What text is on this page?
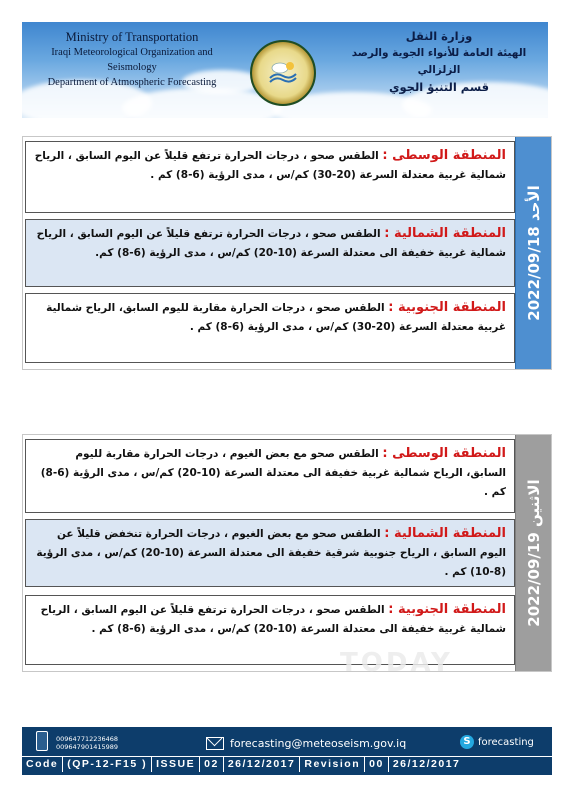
Ministry of Transportation
Iraqi Meteorological Organization and Seismology
Department of Atmospheric Forecasting
وزارة النقل
الهيئة العامة للأنواء الجوية والرصد الزلزالي
قسم التنبؤ الجوي
المنطقة الوسطى : الطقس صحو ، درجات الحرارة ترتفع قليلاً عن اليوم السابق ، الرياح شمالية غربية معتدلة السرعة (20-30) كم/س ، مدى الرؤية (6-8) كم .
المنطقة الشمالية : الطقس صحو ، درجات الحرارة ترتفع قليلاً عن اليوم السابق ، الرياح شمالية غربية خفيفة الى معتدلة السرعة (10-20) كم/س ، مدى الرؤية (6-8) كم.
المنطقة الجنوبية : الطقس صحو ، درجات الحرارة مقاربة لليوم السابق، الرياح شمالية غربية معتدلة السرعة (20-30) كم/س ، مدى الرؤية (6-8) كم .
الأحد 2022/09/18
المنطقة الوسطى : الطقس صحو مع بعض الغيوم ، درجات الحرارة مقاربة لليوم السابق، الرياح شمالية غربية خفيفة الى معتدلة السرعة (10-20) كم/س ، مدى الرؤية (6-8) كم .
المنطقة الشمالية : الطقس صحو مع بعض الغيوم ، درجات الحرارة تنخفض قليلاً عن اليوم السابق ، الرياح جنوبية شرقية خفيفة الى معتدلة السرعة (10-20) كم/س ، مدى الرؤية (8-10) كم .
المنطقة الجنوبية : الطقس صحو ، درجات الحرارة ترتفع قليلاً عن اليوم السابق ، الرياح شمالية غربية خفيفة الى معتدلة السرعة (10-20) كم/س ، مدى الرؤية (6-8) كم .
الاثنين 2022/09/19
TODAY
009647712236468
009647901415989	forecasting@meteoseism.gov.iq	S forecasting
Code (QP-12-F15 ) ISSUE 02 26/12/2017 Revision 00 26/12/2017
